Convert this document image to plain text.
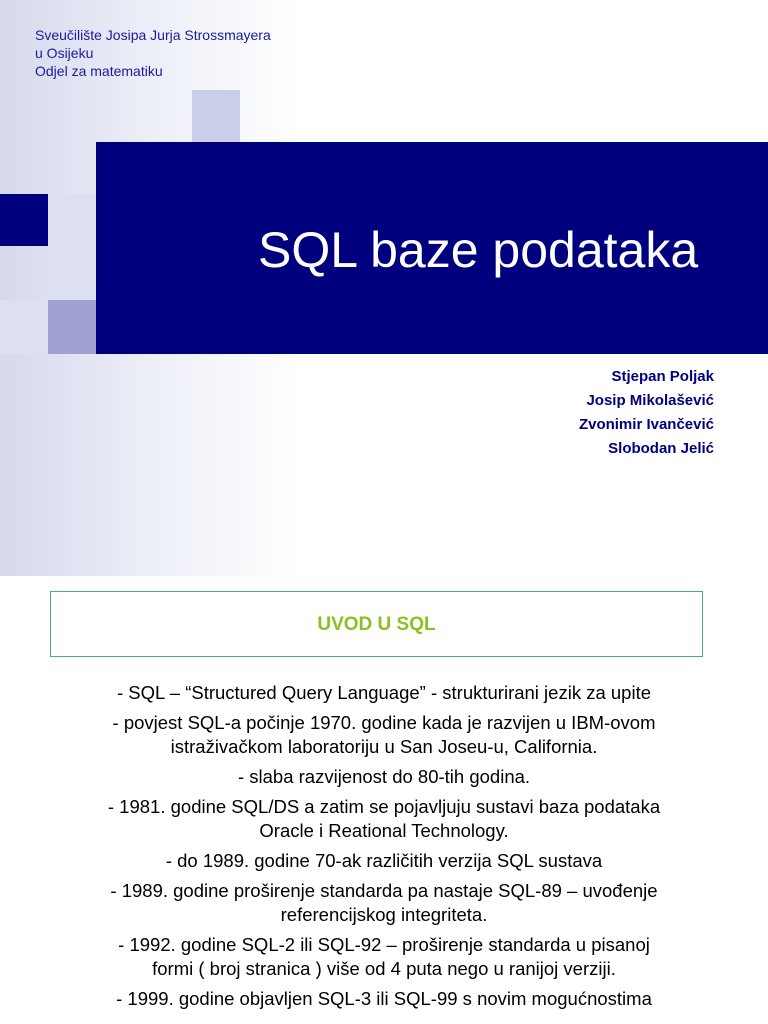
SQL baze podataka
Sveučilište Josipa Jurja Strossmayera
u Osijeku
Odjel za matematiku
Stjepan Poljak
Josip Mikolašević
Zvonimir Ivančević
Slobodan Jelić
UVOD U SQL
- SQL – “Structured Query Language” - strukturirani jezik za upite
- povjest SQL-a počinje 1970. godine kada je razvijen u IBM-ovom
istraživačkom laboratoriju u San Joseu-u, California.
- slaba razvijenost do 80-tih godina.
- 1981. godine SQL/DS a zatim se pojavljuju sustavi baza podataka
Oracle i Reational Technology.
- do 1989. godine 70-ak različitih verzija SQL sustava
- 1989. godine proširenje standarda pa nastaje SQL-89 – uvođenje
referencijskog integriteta.
- 1992. godine SQL-2 ili SQL-92 – proširenje standarda u pisanoj
formi ( broj stranica ) više od 4 puta nego u ranijoj verziji.
- 1999. godine objavljen SQL-3 ili SQL-99 s novim mogućnostima
